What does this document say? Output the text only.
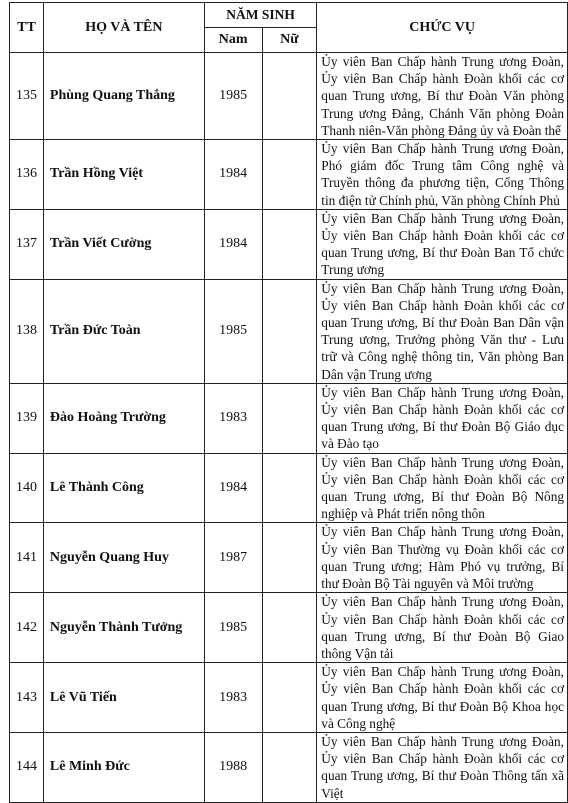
TT	HỌ VÀ TÊN	NĂM SINH		CHỨC VỤ
		Nam	Nữ	
135	Phùng Quang Thắng	1985		Ủy viên Ban Chấp hành Trung ương Đoàn, Ủy viên Ban Chấp hành Đoàn khối các cơ quan Trung ương, Bí thư Đoàn Văn phòng Trung ương Đảng, Chánh Văn phòng Đoàn Thanh niên-Văn phòng Đảng ủy và Đoàn thể
136	Trần Hồng Việt	1984		Ủy viên Ban Chấp hành Trung ương Đoàn, Phó giám đốc Trung tâm Công nghệ và Truyền thông đa phương tiện, Cổng Thông tin điện tử Chính phủ, Văn phòng Chính Phủ
137	Trần Viết Cường	1984		Ủy viên Ban Chấp hành Trung ương Đoàn, Ủy viên Ban Chấp hành Đoàn khối các cơ quan Trung ương, Bí thư Đoàn Ban Tổ chức Trung ương
138	Trần Đức Toàn	1985		Ủy viên Ban Chấp hành Trung ương Đoàn, Ủy viên Ban Chấp hành Đoàn khối các cơ quan Trung ương, Bí thư Đoàn Ban Dân vận Trung ương, Trưởng phòng Văn thư - Lưu trữ và Công nghệ thông tin, Văn phòng Ban Dân vận Trung ương
139	Đào Hoàng Trường	1983		Ủy viên Ban Chấp hành Trung ương Đoàn, Ủy viên Ban Chấp hành Đoàn khối các cơ quan Trung ương, Bí thư Đoàn Bộ Giáo dục và Đào tạo
140	Lê Thành Công	1984		Ủy viên Ban Chấp hành Trung ương Đoàn, Ủy viên Ban Chấp hành Đoàn khối các cơ quan Trung ương, Bí thư Đoàn Bộ Nông nghiệp và Phát triển nông thôn
141	Nguyễn Quang Huy	1987		Ủy viên Ban Chấp hành Trung ương Đoàn, Ủy viên Ban Thường vụ Đoàn khối các cơ quan Trung ương; Hàm Phó vụ trưởng, Bí thư Đoàn Bộ Tài nguyên và Môi trường
142	Nguyễn Thành Tưởng	1985		Ủy viên Ban Chấp hành Trung ương Đoàn, Ủy viên Ban Chấp hành Đoàn khối các cơ quan Trung ương, Bí thư Đoàn Bộ Giao thông Vận tải
143	Lê Vũ Tiến	1983		Ủy viên Ban Chấp hành Trung ương Đoàn, Ủy viên Ban Chấp hành Đoàn khối các cơ quan Trung ương, Bí thư Đoàn Bộ Khoa học và Công nghệ
144	Lê Minh Đức	1988		Ủy viên Ban Chấp hành Trung ương Đoàn, Ủy viên Ban Chấp hành Đoàn khối các cơ quan Trung ương, Bí thư Đoàn Thông tấn xã Việt
